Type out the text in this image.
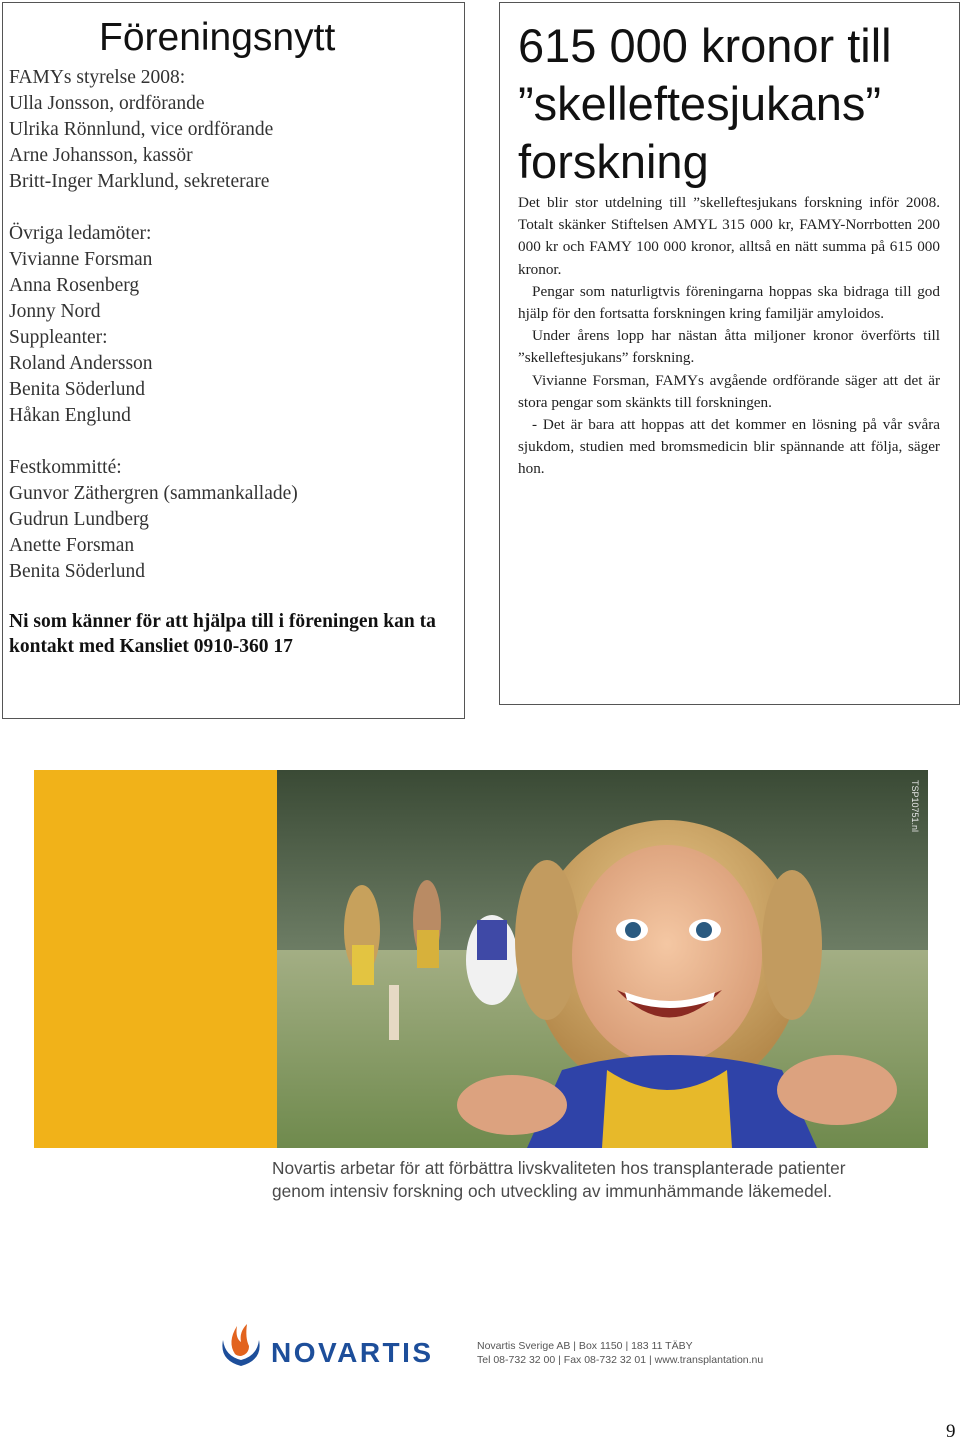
Föreningsnytt
FAMYs styrelse 2008:
Ulla Jonsson, ordförande
Ulrika Rönnlund, vice ordförande
Arne Johansson, kassör
Britt-Inger Marklund, sekreterare
Övriga ledamöter:
Vivianne Forsman
Anna Rosenberg
Jonny Nord
Suppleanter:
Roland Andersson
Benita Söderlund
Håkan Englund
Festkommitté:
Gunvor Zäthergren (sammankallade)
Gudrun Lundberg
Anette Forsman
Benita Söderlund
Ni som känner för att hjälpa till i föreningen kan ta kontakt med Kansliet 0910-360 17
615 000 kronor till
”skelleftesjukans”
forskning

Det blir stor utdelning till ”skelleftesjukans forskning inför 2008. Totalt skänker Stiftelsen AMYL 315 000 kr, FAMY-Norrbotten 200 000 kr och FAMY 100 000 kronor, alltså en nätt summa på 615 000 kronor.

Pengar som naturligtvis föreningarna hoppas ska bidraga till god hjälp för den fortsatta forskningen kring familjär amyloidos.

Under årens lopp har nästan åtta miljoner kronor överförts till ”skelleftesjukans” forskning.

Vivianne Forsman, FAMYs avgående ordförande säger att det är stora pengar som skänkts till forskningen.

- Det är bara att hoppas att det kommer en lösning på vår svåra sjukdom, studien med bromsmedicin blir spännande att följa, säger hon.

TSP10751.nl
Novartis arbetar för att förbättra livskvaliteten hos transplanterade patienter
genom intensiv forskning och utveckling av immunhämmande läkemedel.
NOVARTIS	Novartis Sverige AB | Box 1150 | 183 11 TÄBY
Tel 08-732 32 00 | Fax 08-732 32 01 | www.transplantation.nu
9
